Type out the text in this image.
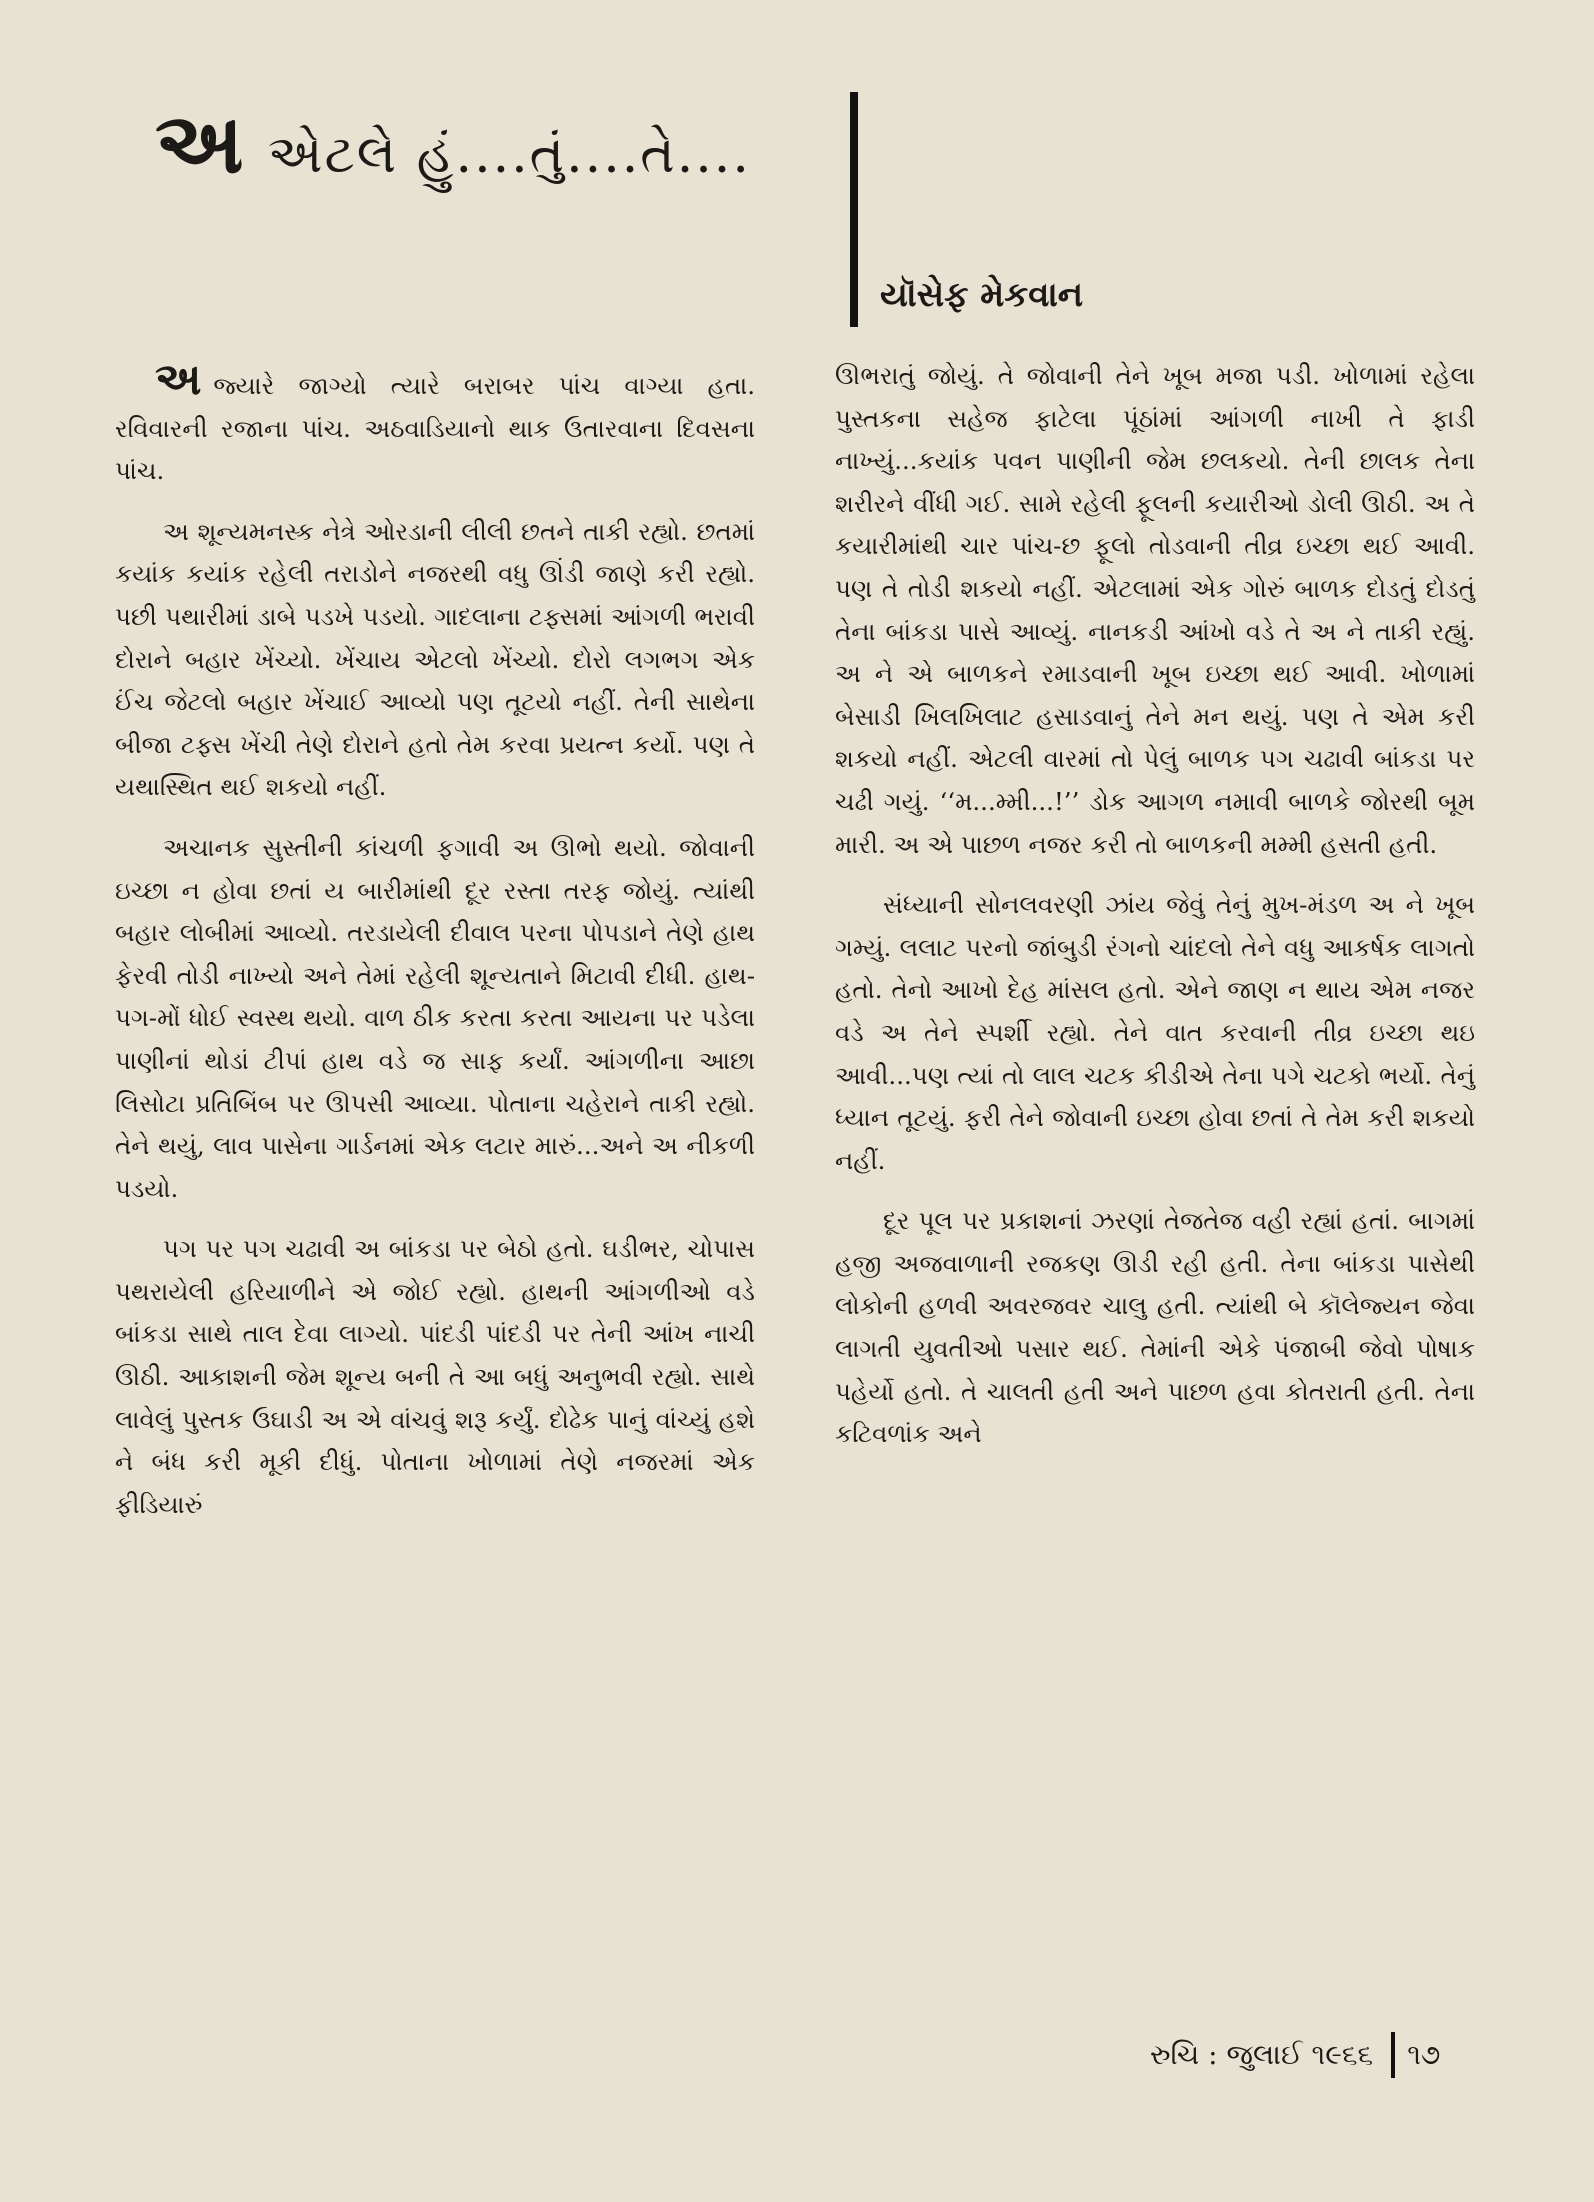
અ એટલે હું....તું....તે....
યૉસેફ મેકવાન

અજ્યારે જાગ્યો ત્યારે બરાબર પાંચ વાગ્યા હતા. રવિવારની રજાના પાંચ. અઠવાડિયાનો થાક ઉતારવાના દિવસના પાંચ.

અ શૂન્યમનસ્ક નેત્રે ઓરડાની લીલી છતને તાકી રહ્યો. છતમાં કયાંક કયાંક રહેલી તરાડોને નજરથી વધુ ઊંડી જાણે કરી રહ્યો. પછી પથારીમાં ડાબે પડખે પડયો. ગાદલાના ટફ્સમાં આંગળી ભરાવી દોરાને બહાર ખેંચ્યો. ખેંચાય એટલો ખેંચ્યો. દોરો લગભગ એક ઈંચ જેટલો બહાર ખેંચાઈ આવ્યો પણ તૂટયો નહીં. તેની સાથેના બીજા ટફ્સ ખેંચી તેણે દોરાને હતો તેમ કરવા પ્રયત્ન કર્યો. પણ તે યથાસ્થિત થઈ શકયો નહીં.

અચાનક સુસ્તીની કાંચળી ફગાવી અ ઊભો થયો. જોવાની ઇચ્છા ન હોવા છતાં ય બારીમાંથી દૂર રસ્તા તરફ જોયું. ત્યાંથી બહાર લોબીમાં આવ્યો. તરડાયેલી દીવાલ પરના પોપડાને તેણે હાથ ફેરવી તોડી નાખ્યો અને તેમાં રહેલી શૂન્યતાને મિટાવી દીધી. હાથ-પગ-મોં ધોઈ સ્વસ્થ થયો. વાળ ઠીક કરતા કરતા આયના પર પડેલા પાણીનાં થોડાં ટીપાં હાથ વડે જ સાફ કર્યાં. આંગળીના આછા લિસોટા પ્રતિબિંબ પર ઊપસી આવ્યા. પોતાના ચહેરાને તાકી રહ્યો. તેને થયું, લાવ પાસેના ગાર્ડનમાં એક લટાર મારું...અને અ નીકળી પડયો.

પગ પર પગ ચઢાવી અ બાંકડા પર બેઠો હતો. ઘડીભર, ચોપાસ પથરાયેલી હરિયાળીને એ જોઈ રહ્યો. હાથની આંગળીઓ વડે બાંકડા સાથે તાલ દેવા લાગ્યો. પાંદડી પાંદડી પર તેની આંખ નાચી ઊઠી. આકાશની જેમ શૂન્ય બની તે આ બધું અનુભવી રહ્યો. સાથે લાવેલું પુસ્તક ઉઘાડી અ એ વાંચવું શરૂ કર્યું. દોઢેક પાનું વાંચ્યું હશે ને બંધ કરી મૂકી દીધું. પોતાના ખોળામાં તેણે નજરમાં એક ફીડિયારું

ઊભરાતું જોયું. તે જોવાની તેને ખૂબ મજા પડી. ખોળામાં રહેલા પુસ્તકના સહેજ ફાટેલા પૂંઠાંમાં આંગળી નાખી તે ફાડી નાખ્યું...કયાંક પવન પાણીની જેમ છલકયો. તેની છાલક તેના શરીરને વીંધી ગઈ. સામે રહેલી ફૂલની કયારીઓ ડોલી ઊઠી. અ તે કયારીમાંથી ચાર પાંચ-છ ફૂલો તોડવાની તીવ્ર ઇચ્છા થઈ આવી. પણ તે તોડી શકયો નહીં. એટલામાં એક ગોરું બાળક દોડતું દોડતું તેના બાંકડા પાસે આવ્યું. નાનકડી આંખો વડે તે અ ને તાકી રહ્યું. અ ને એ બાળકને રમાડવાની ખૂબ ઇચ્છા થઈ આવી. ખોળામાં બેસાડી ખિલખિલાટ હસાડવાનું તેને મન થયું. પણ તે એમ કરી શકયો નહીં. એટલી વારમાં તો પેલું બાળક પગ ચઢાવી બાંકડા પર ચઢી ગયું. ‘‘મ...મ્મી...!’’ ડોક આગળ નમાવી બાળકે જોરથી બૂમ મારી. અ એ પાછળ નજર કરી તો બાળકની મમ્મી હસતી હતી.

સંધ્યાની સોનલવરણી ઝાંય જેવું તેનું મુખ-મંડળ અ ને ખૂબ ગમ્યું. લલાટ પરનો જાંબુડી રંગનો ચાંદલો તેને વધુ આકર્ષક લાગતો હતો. તેનો આખો દેહ માંસલ હતો. એને જાણ ન થાય એમ નજર વડે અ તેને સ્પર્શી રહ્યો. તેને વાત કરવાની તીવ્ર ઇચ્છા થઇ આવી...પણ ત્યાં તો લાલ ચટક કીડીએ તેના પગે ચટકો ભર્યો. તેનું ધ્યાન તૂટયું. ફરી તેને જોવાની ઇચ્છા હોવા છતાં તે તેમ કરી શકયો નહીં.

દૂર પૂલ પર પ્રકાશનાં ઝરણાં તેજતેજ વહી રહ્યાં હતાં. બાગમાં હજી અજવાળાની રજકણ ઊડી રહી હતી. તેના બાંકડા પાસેથી લોકોની હળવી અવરજવર ચાલુ હતી. ત્યાંથી બે કૉલેજ્યન જેવા લાગતી યુવતીઓ પસાર થઈ. તેમાંની એકે પંજાબી જેવો પોષાક પહેર્યો હતો. તે ચાલતી હતી અને પાછળ હવા કોતરાતી હતી. તેના કટિવળાંક અને

રુચિ : જુલાઈ ૧૯૬૬ ૧૭
